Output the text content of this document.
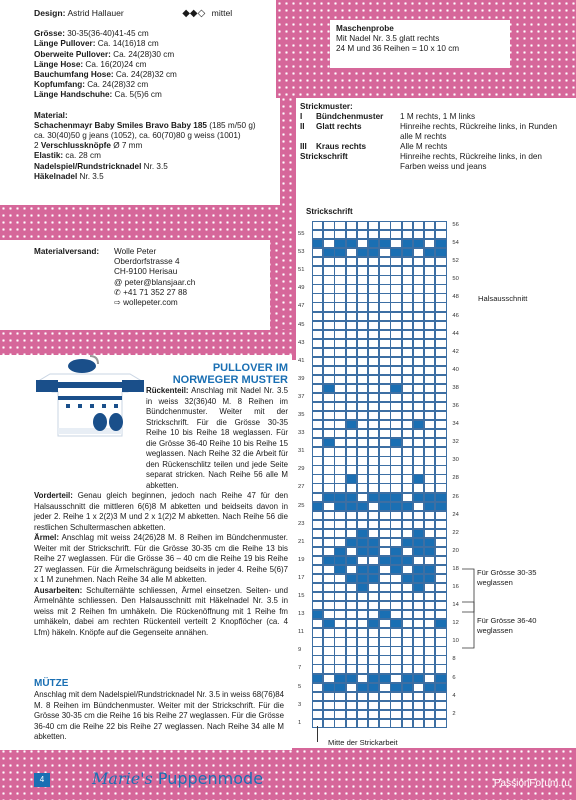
Design: Astrid Hallauer	◆◆◇ mittel
Grösse: 30-35(36-40)41-45 cm
Länge Pullover: Ca. 14(16)18 cm
Oberweite Pullover: Ca. 24(28)30 cm
Länge Hose: Ca. 16(20)24 cm
Bauchumfang Hose: Ca. 24(28)32 cm
Kopfumfang: Ca. 24(28)32 cm
Länge Handschuhe: Ca. 5(5)6 cm
Material:
Schachenmayr Baby Smiles Bravo Baby 185 (185 m/50 g)
ca. 30(40)50 g jeans (1052), ca. 60(70)80 g weiss (1001)
2 Verschlussknöpfe Ø 7 mm
Elastik: ca. 28 cm
Nadelspiel/Rundstricknadel Nr. 3.5
Häkelnadel Nr. 3.5
Maschenprobe
Mit Nadel Nr. 3.5 glatt rechts
24 M und 36 Reihen = 10 x 10 cm
Strickmuster:
I Bündchenmuster 1 M rechts, 1 M links
II Glatt rechts	Hinreihe rechts, Rückreihe links, in Runden alle M rechts
III Kraus rechts	Alle M rechts
Strickschrift	Hinreihe rechts, Rückreihe links, in den Farben weiss und jeans
Materialversand: Wolle Peter
Oberdorfstrasse 4
CH-9100 Herisau
@ peter@blansjaar.ch
✆ +41 71 352 27 88
⇨ wollepeter.com
PULLOVER IM
NORWEGER MUSTER
Rückenteil: Anschlag mit Nadel Nr. 3.5 in weiss 32(36)40 M. 8 Reihen im Bündchenmuster. Weiter mit der Strickschrift. Für die Grösse 30-35 Reihe 10 bis Reihe 18 weglassen. Für die Grösse 36-40 Reihe 10 bis Reihe 15 weglassen. Nach Reihe 32 die Arbeit für den Rückenschlitz teilen und jede Seite separat stricken. Nach Reihe 56 alle M abketten.
Vorderteil: Genau gleich beginnen, jedoch nach Reihe 47 für den Halsausschnitt die mittleren 6(6)8 M abketten und beidseits davon in jeder 2. Reihe 1 x 2(2)3 M und 2 x 1(2)2 M abketten. Nach Reihe 56 die restlichen Schultermaschen abketten.
Ärmel: Anschlag mit weiss 24(26)28 M. 8 Reihen im Bündchenmuster. Weiter mit der Strickschrift. Für die Grösse 30-35 cm die Reihe 13 bis Reihe 27 weglassen. Für die Grösse 36 – 40 cm die Reihe 19 bis Reihe 27 weglassen. Für die Ärmelschrägung beidseits in jeder 4. Reihe 5(6)7 x 1 M zunehmen. Nach Reihe 34 alle M abketten.
Ausarbeiten: Schulternähte schliessen, Ärmel einsetzen. Seiten- und Ärmelnähte schliessen. Den Halsausschnitt mit Häkelnadel Nr. 3.5 in weiss mit 2 Reihen fm umhäkeln. Die Rückenöffnung mit 1 Reihe fm umhäkeln, dabei am rechten Rückenteil verteilt 2 Knopflöcher (ca. 4 Lfm) häkeln. Knöpfe auf die Gegenseite annähen.
MÜTZE
Anschlag mit dem Nadelspiel/Rundstricknadel Nr. 3.5 in weiss 68(76)84 M. 8 Reihen im Bündchenmuster. Weiter mit der Strickschrift. Für die Grösse 30-35 cm die Reihe 16 bis Reihe 27 weglassen. Für die Grösse 36-40 cm die Reihe 22 bis Reihe 27 weglassen. Nach Reihe 34 alle M abketten.
Strickschrift
1
2
3
4
5
6
7
8
9
10
11
12
13
14
15
16
17
18
19
20
21
22
23
24
25
26
27
28
29
30
31
32
33
34
35
36
37
38
39
40
41
42
43
44
45
46
47
48
49
50
51
52
53
54
55
56
Halsausschnitt
Für Grösse 30-35
weglassen
Für Grösse 36-40
weglassen
Mitte der Strickarbeit
4	Marie's Puppenmode	PassionForum.ru
